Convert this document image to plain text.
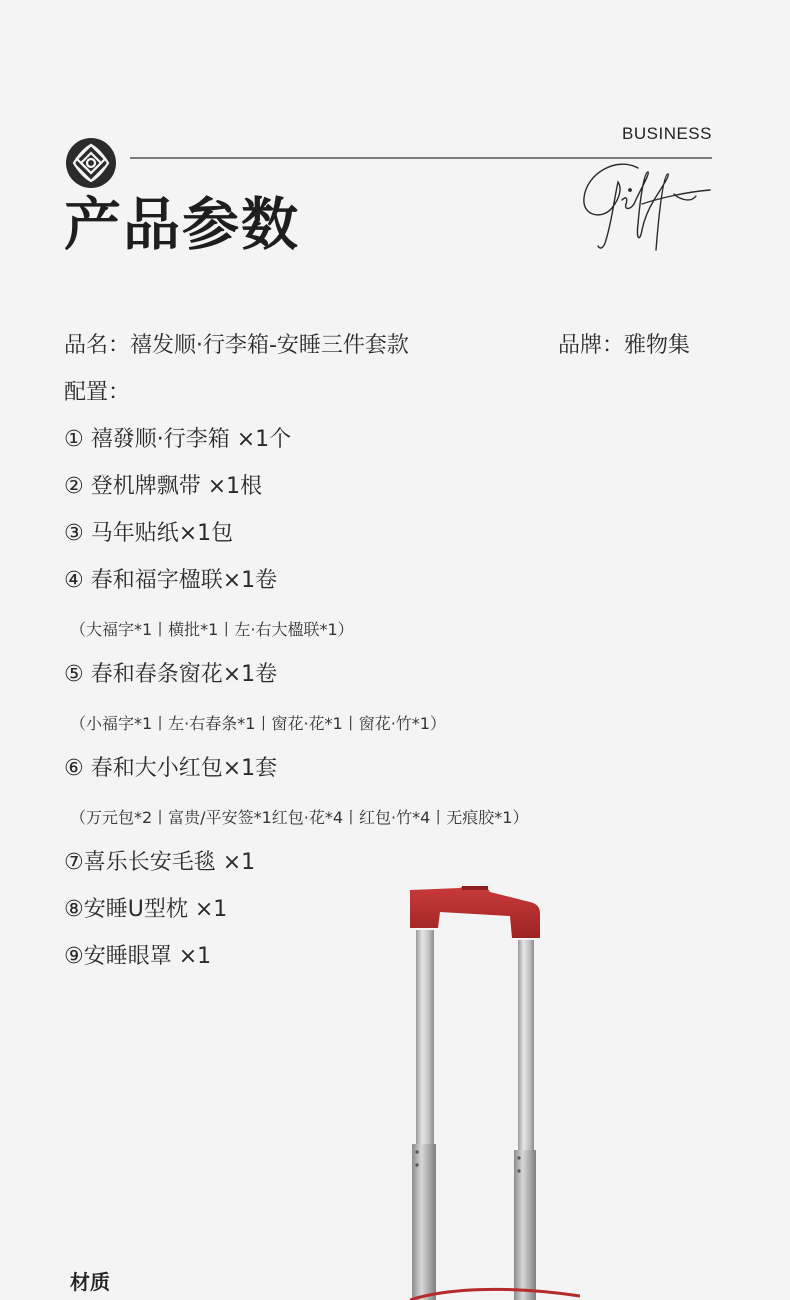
BUSINESS
产品参数
品名：禧发顺·行李箱-安睡三件套款	品牌：雅物集
配置：
① 禧發顺·行李箱 ×1个
② 登机牌飘带 ×1根
③ 马年贴纸×1包
④ 春和福字楹联×1卷
（大福字*1丨横批*1丨左·右大楹联*1）
⑤ 春和春条窗花×1卷
（小福字*1丨左·右春条*1丨窗花·花*1丨窗花·竹*1）
⑥ 春和大小红包×1套
（万元包*2丨富贵/平安签*1红包·花*4丨红包·竹*4丨无痕胶*1）
⑦喜乐长安毛毯 ×1
⑧安睡U型枕 ×1
⑨安睡眼罩 ×1
材质
